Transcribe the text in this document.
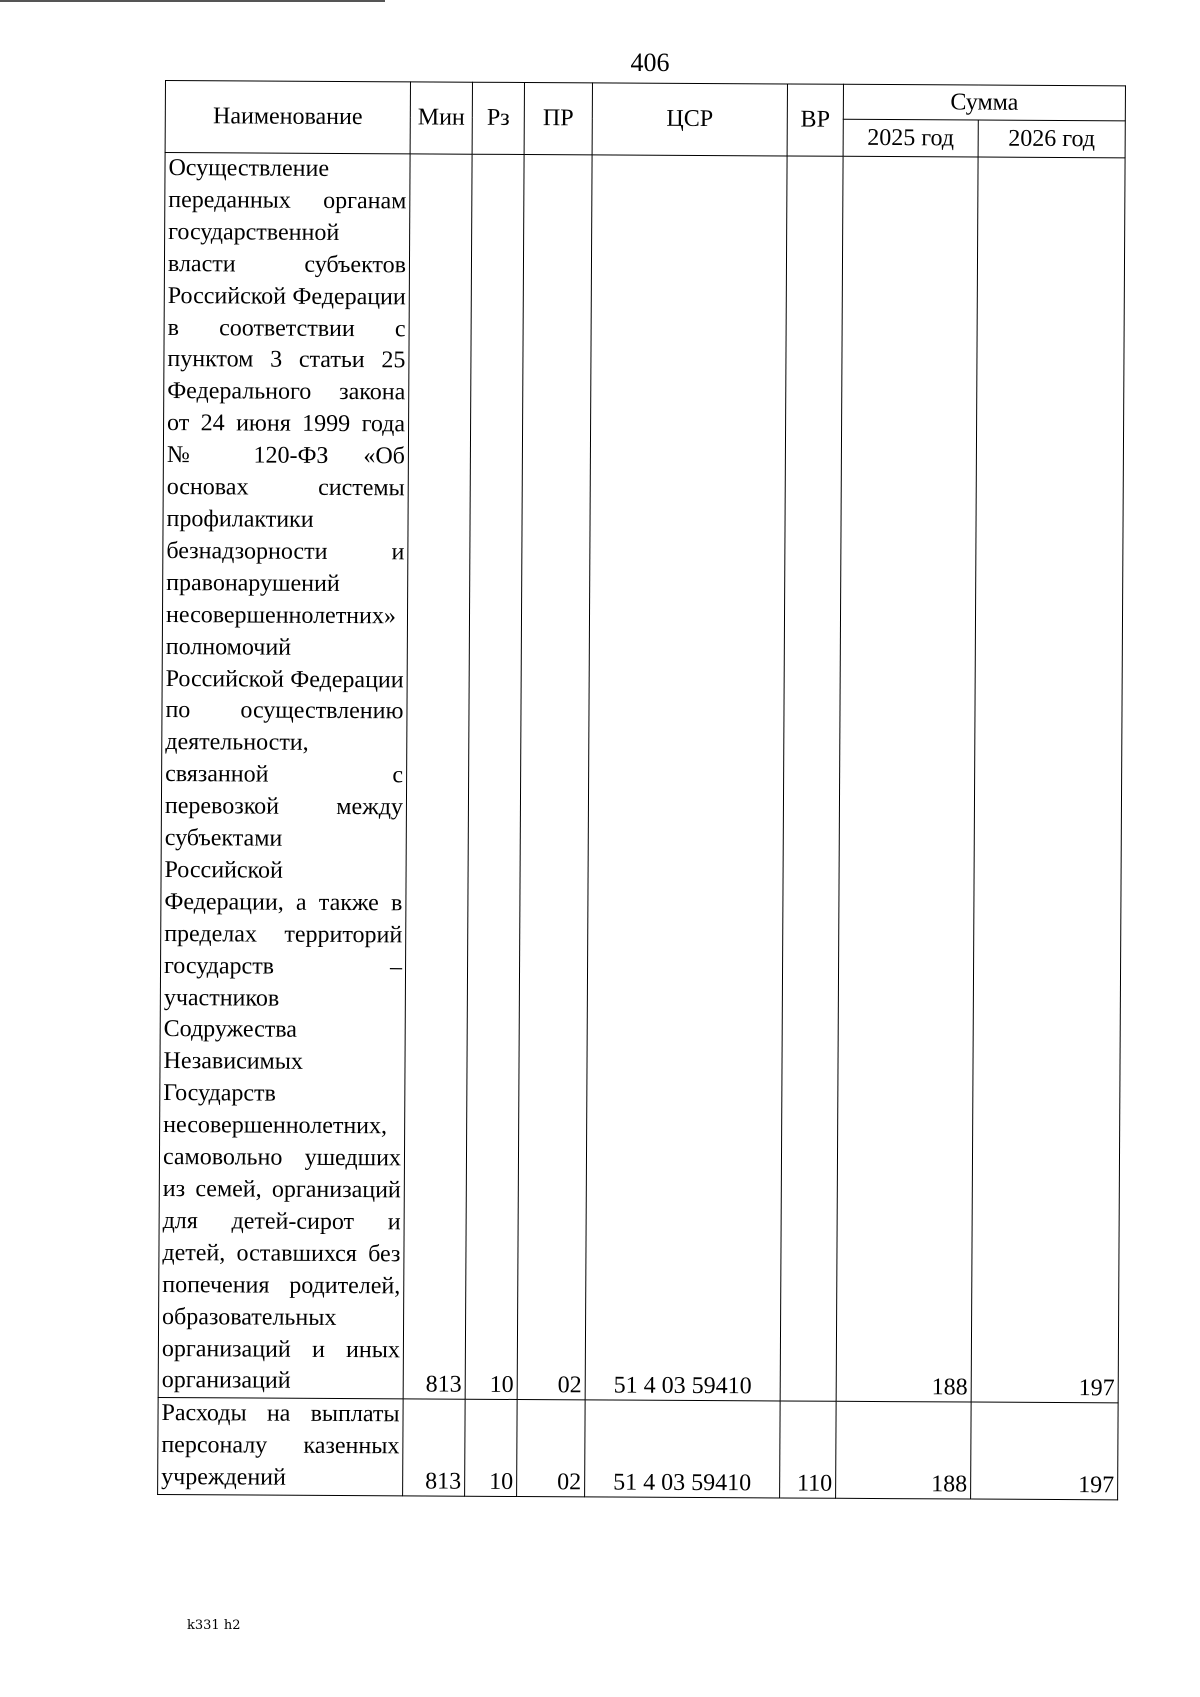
406
Наименование	Мин	Рз	ПР	ЦСР	ВР	Сумма	
						2025 год	2026 год
Осуществление переданных органам государственной власти субъектов Российской Федерации в соответствии с пунктом 3 статьи 25 Федерального закона от 24 июня 1999 года № 120-ФЗ «Об основах системы профилактики безнадзорности и правонарушений несовершеннолетних» полномочий Российской Федерации по осуществлению деятельности, связанной с перевозкой между субъектами Российской Федерации, а также в пределах территорий государств – участников Содружества Независимых Государств несовершеннолетних, самовольно ушедших из семей, организаций для детей-сирот и детей, оставшихся без попечения родителей, образовательных организаций и иных организаций	813	10	02	51 4 03 59410		188	197
Расходы на выплаты персоналу казенных учреждений	813	10	02	51 4 03 59410	110	188	197
k331 h2
